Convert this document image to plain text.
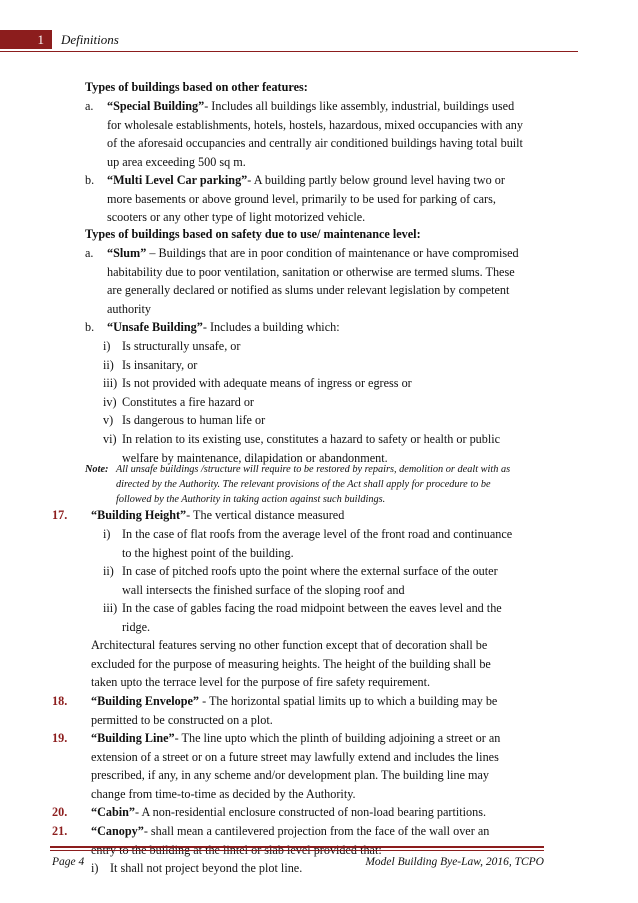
1	Definitions
Types of buildings based on other features:
a. “Special Building”- Includes all buildings like assembly, industrial, buildings used
for wholesale establishments, hotels, hostels, hazardous, mixed occupancies with any
of the aforesaid occupancies and centrally air conditioned buildings having total built
up area exceeding 500 sq m.
b. “Multi Level Car parking”- A building partly below ground level having two or
more basements or above ground level, primarily to be used for parking of cars,
scooters or any other type of light motorized vehicle.
Types of buildings based on safety due to use/ maintenance level:
a. “Slum” – Buildings that are in poor condition of maintenance or have compromised
habitability due to poor ventilation, sanitation or otherwise are termed slums. These
are generally declared or notified as slums under relevant legislation by competent
authority
b. “Unsafe Building”- Includes a building which:
i) Is structurally unsafe, or
ii) Is insanitary, or
iii) Is not provided with adequate means of ingress or egress or
iv) Constitutes a fire hazard or
v) Is dangerous to human life or
vi) In relation to its existing use, constitutes a hazard to safety or health or public
welfare by maintenance, dilapidation or abandonment.
Note: All unsafe buildings /structure will require to be restored by repairs, demolition or dealt with as
directed by the Authority. The relevant provisions of the Act shall apply for procedure to be
followed by the Authority in taking action against such buildings.
17. “Building Height”- The vertical distance measured
i) In the case of flat roofs from the average level of the front road and continuance
to the highest point of the building.
ii) In case of pitched roofs upto the point where the external surface of the outer
wall intersects the finished surface of the sloping roof and
iii) In the case of gables facing the road midpoint between the eaves level and the
ridge.
Architectural features serving no other function except that of decoration shall be
excluded for the purpose of measuring heights. The height of the building shall be
taken upto the terrace level for the purpose of fire safety requirement.
18. “Building Envelope” - The horizontal spatial limits up to which a building may be
permitted to be constructed on a plot.
19. “Building Line”- The line upto which the plinth of building adjoining a street or an
extension of a street or on a future street may lawfully extend and includes the lines
prescribed, if any, in any scheme and/or development plan. The building line may
change from time-to-time as decided by the Authority.
20. “Cabin”- A non-residential enclosure constructed of non-load bearing partitions.
21. “Canopy”- shall mean a cantilevered projection from the face of the wall over an
entry to the building at the lintel or slab level provided that:
i) It shall not project beyond the plot line.
Page 4	Model Building Bye-Law, 2016, TCPO
